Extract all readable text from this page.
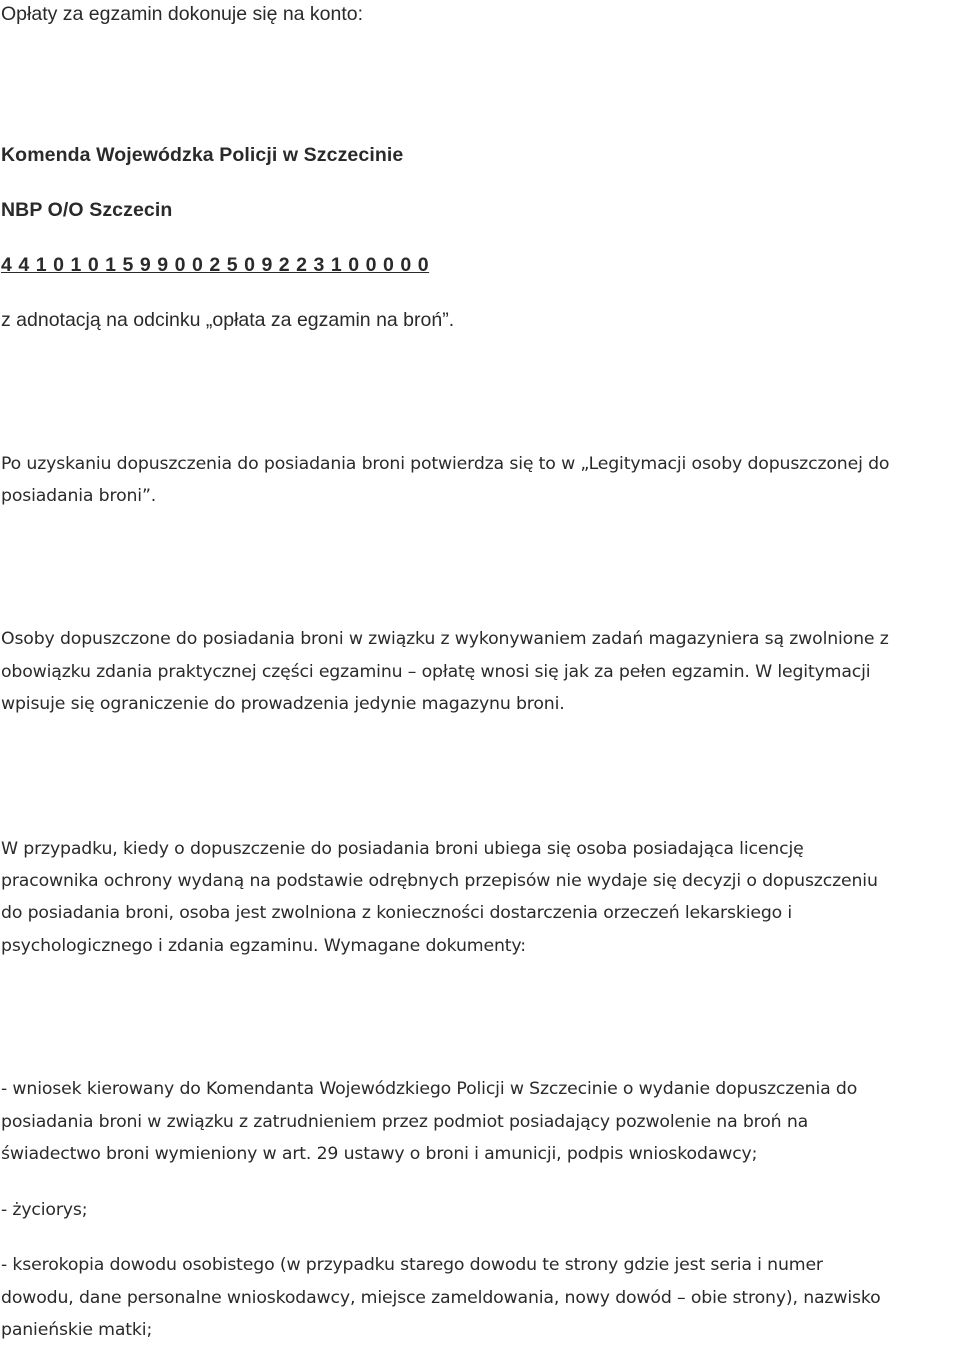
Opłaty za egzamin dokonuje się na konto:
Komenda Wojewódzka Policji w Szczecinie
NBP O/O Szczecin
4 4 1 0 1 0 1 5 9 9 0 0 2 5 0 9 2 2 3 1 0 0 0 0 0
z adnotacją na odcinku „opłata za egzamin na broń”.
Po uzyskaniu dopuszczenia do posiadania broni potwierdza się to w „Legitymacji osoby dopuszczonej do
posiadania broni”.
Osoby dopuszczone do posiadania broni w związku z wykonywaniem zadań magazyniera są zwolnione z
obowiązku zdania praktycznej części egzaminu – opłatę wnosi się jak za pełen egzamin. W legitymacji
wpisuje się ograniczenie do prowadzenia jedynie magazynu broni.
W przypadku, kiedy o dopuszczenie do posiadania broni ubiega się osoba posiadająca licencję
pracownika ochrony wydaną na podstawie odrębnych przepisów nie wydaje się decyzji o dopuszczeniu
do posiadania broni, osoba jest zwolniona z konieczności dostarczenia orzeczeń lekarskiego i
psychologicznego i zdania egzaminu. Wymagane dokumenty:
- wniosek kierowany do Komendanta Wojewódzkiego Policji w Szczecinie o wydanie dopuszczenia do
posiadania broni w związku z zatrudnieniem przez podmiot posiadający pozwolenie na broń na
świadectwo broni wymieniony w art. 29 ustawy o broni i amunicji, podpis wnioskodawcy;
- życiorys;
- kserokopia dowodu osobistego (w przypadku starego dowodu te strony gdzie jest seria i numer
dowodu, dane personalne wnioskodawcy, miejsce zameldowania, nowy dowód – obie strony), nazwisko
panieńskie matki;
